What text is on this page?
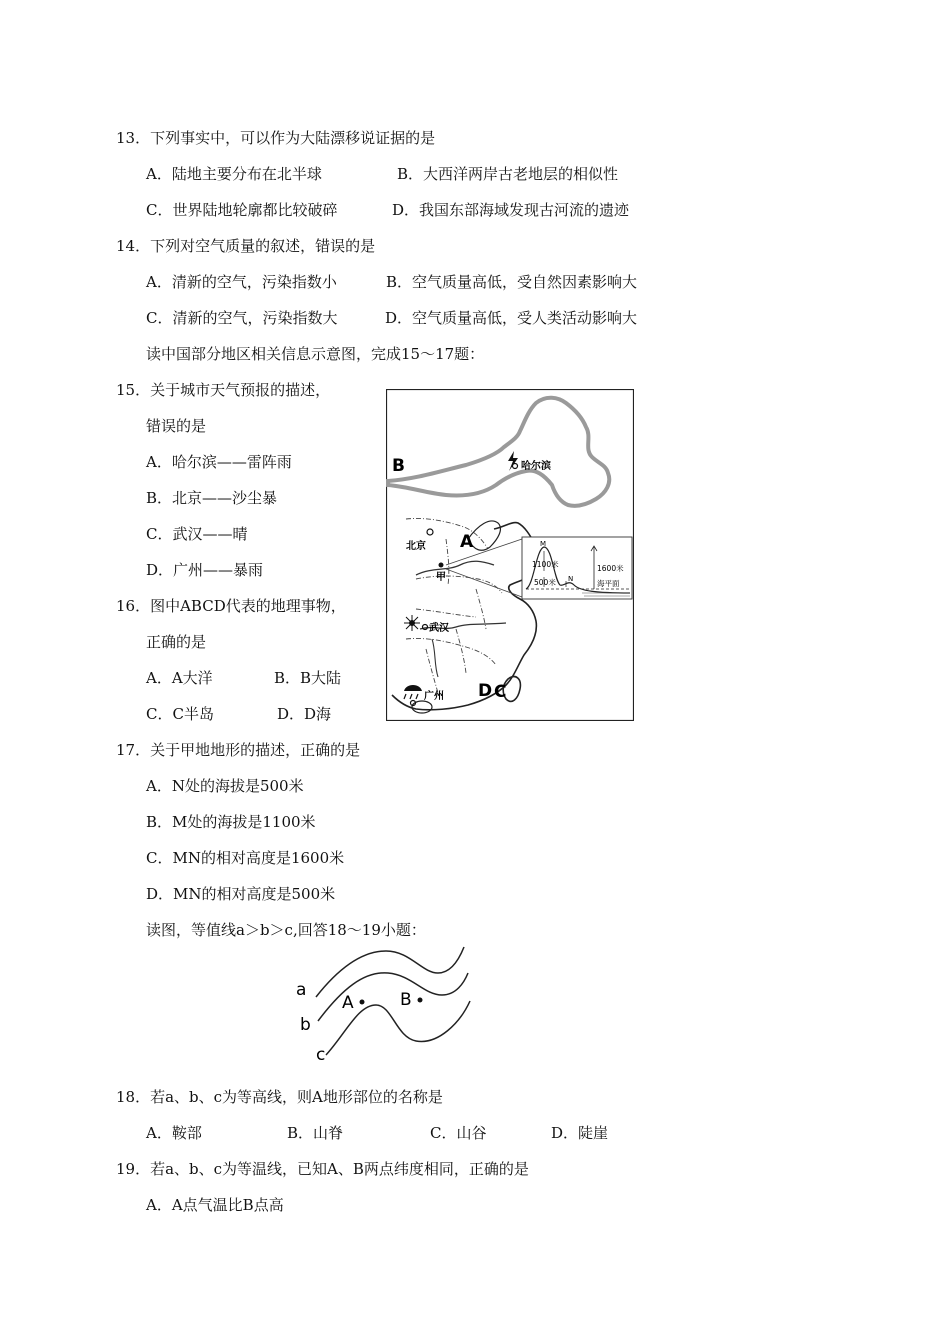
13．下列事实中，可以作为大陆漂移说证据的是
A．陆地主要分布在北半球	B．大西洋两岸古老地层的相似性
C．世界陆地轮廓都比较破碎	D．我国东部海域发现古河流的遗迹
14．下列对空气质量的叙述，错误的是
A．清新的空气，污染指数小	B．空气质量高低，受自然因素影响大
C．清新的空气，污染指数大	D．空气质量高低，受人类活动影响大
读中国部分地区相关信息示意图，完成15～17题：
15．关于城市天气预报的描述，
错误的是
A．哈尔滨——雷阵雨
B．北京——沙尘暴
C．武汉——晴
D．广州——暴雨
16．图中ABCD代表的地理事物，
正确的是
A．A大洋	B．B大陆
C．C半岛	D．D海
B
A
D C
哈尔滨
北京
甲
武汉
广州
M
N
1100米
500米
1600米
海平面
17．关于甲地地形的描述，正确的是
A．N处的海拔是500米
B．M处的海拔是1100米
C．MN的相对高度是1600米
D．MN的相对高度是500米
读图，等值线a＞b＞c,回答18～19小题：
a
b
c
A	B
18．若a、b、c为等高线，则A地形部位的名称是
A．鞍部	B．山脊	C．山谷	D．陡崖
19．若a、b、c为等温线，已知A、B两点纬度相同，正确的是
A．A点气温比B点高
